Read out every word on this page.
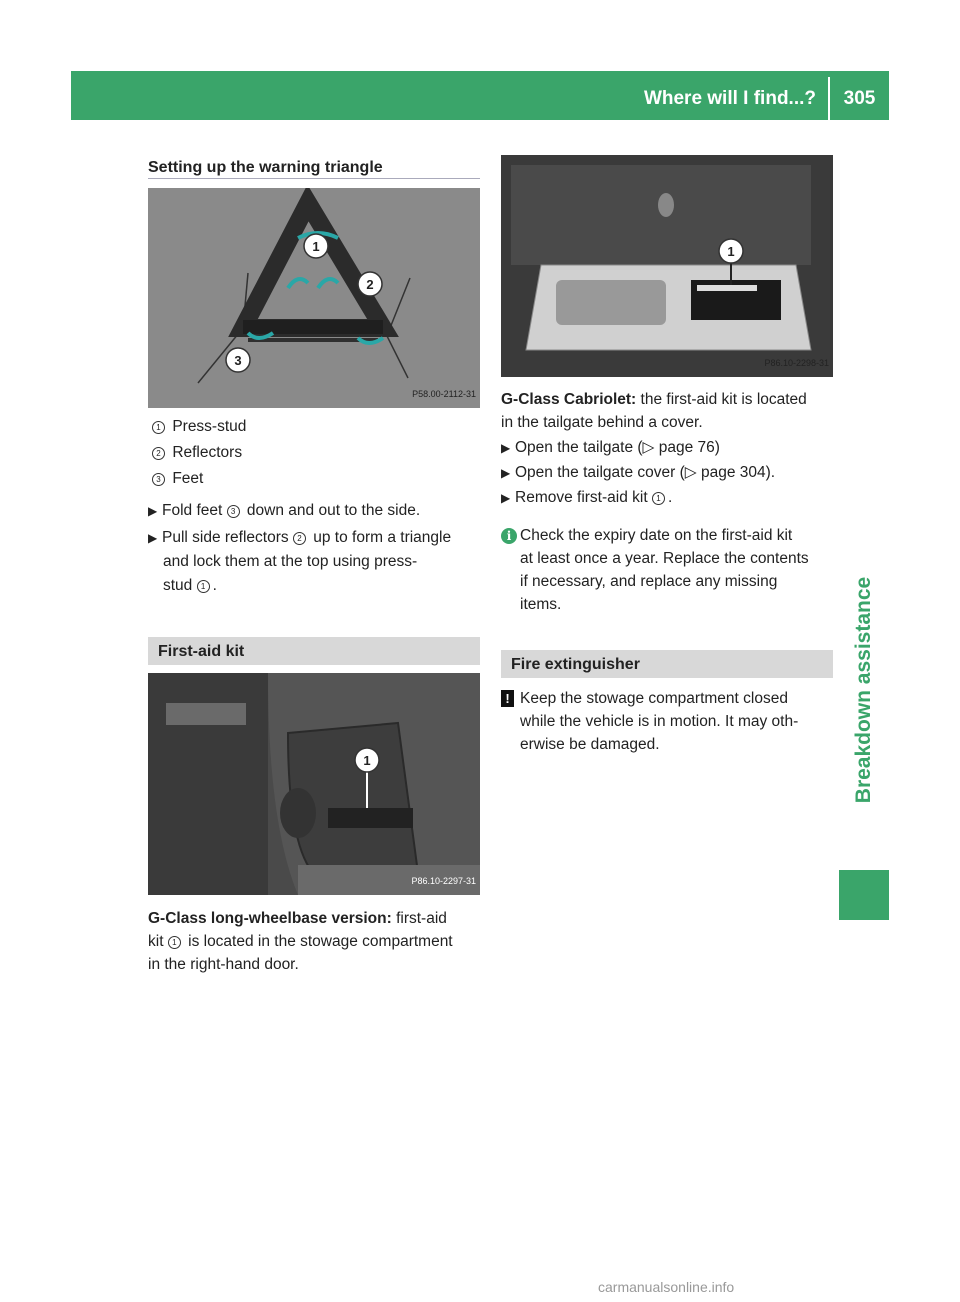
Where will I find...?	305
Breakdown assistance
Setting up the warning triangle
1
2
3
P58.00-2112-31
1 Press-stud
2 Reflectors
3 Feet
▶ Fold feet 3 down and out to the side.
▶ Pull side reflectors 2 up to form a triangle
and lock them at the top using press-
stud 1 .
First-aid kit
1
P86.10-2297-31
G-Class long-wheelbase version: first-aid
kit 1 is located in the stowage compartment
in the right-hand door.
1
P86.10-2298-31
G-Class Cabriolet: the first-aid kit is located
in the tailgate behind a cover.
▶ Open the tailgate (▷ page 76)
▶ Open the tailgate cover (▷ page 304).
▶ Remove first-aid kit 1 .
i Check the expiry date on the first-aid kit
at least once a year. Replace the contents
if necessary, and replace any missing
items.
Fire extinguisher
! Keep the stowage compartment closed
while the vehicle is in motion. It may oth-
erwise be damaged.
carmanualsonline.info
